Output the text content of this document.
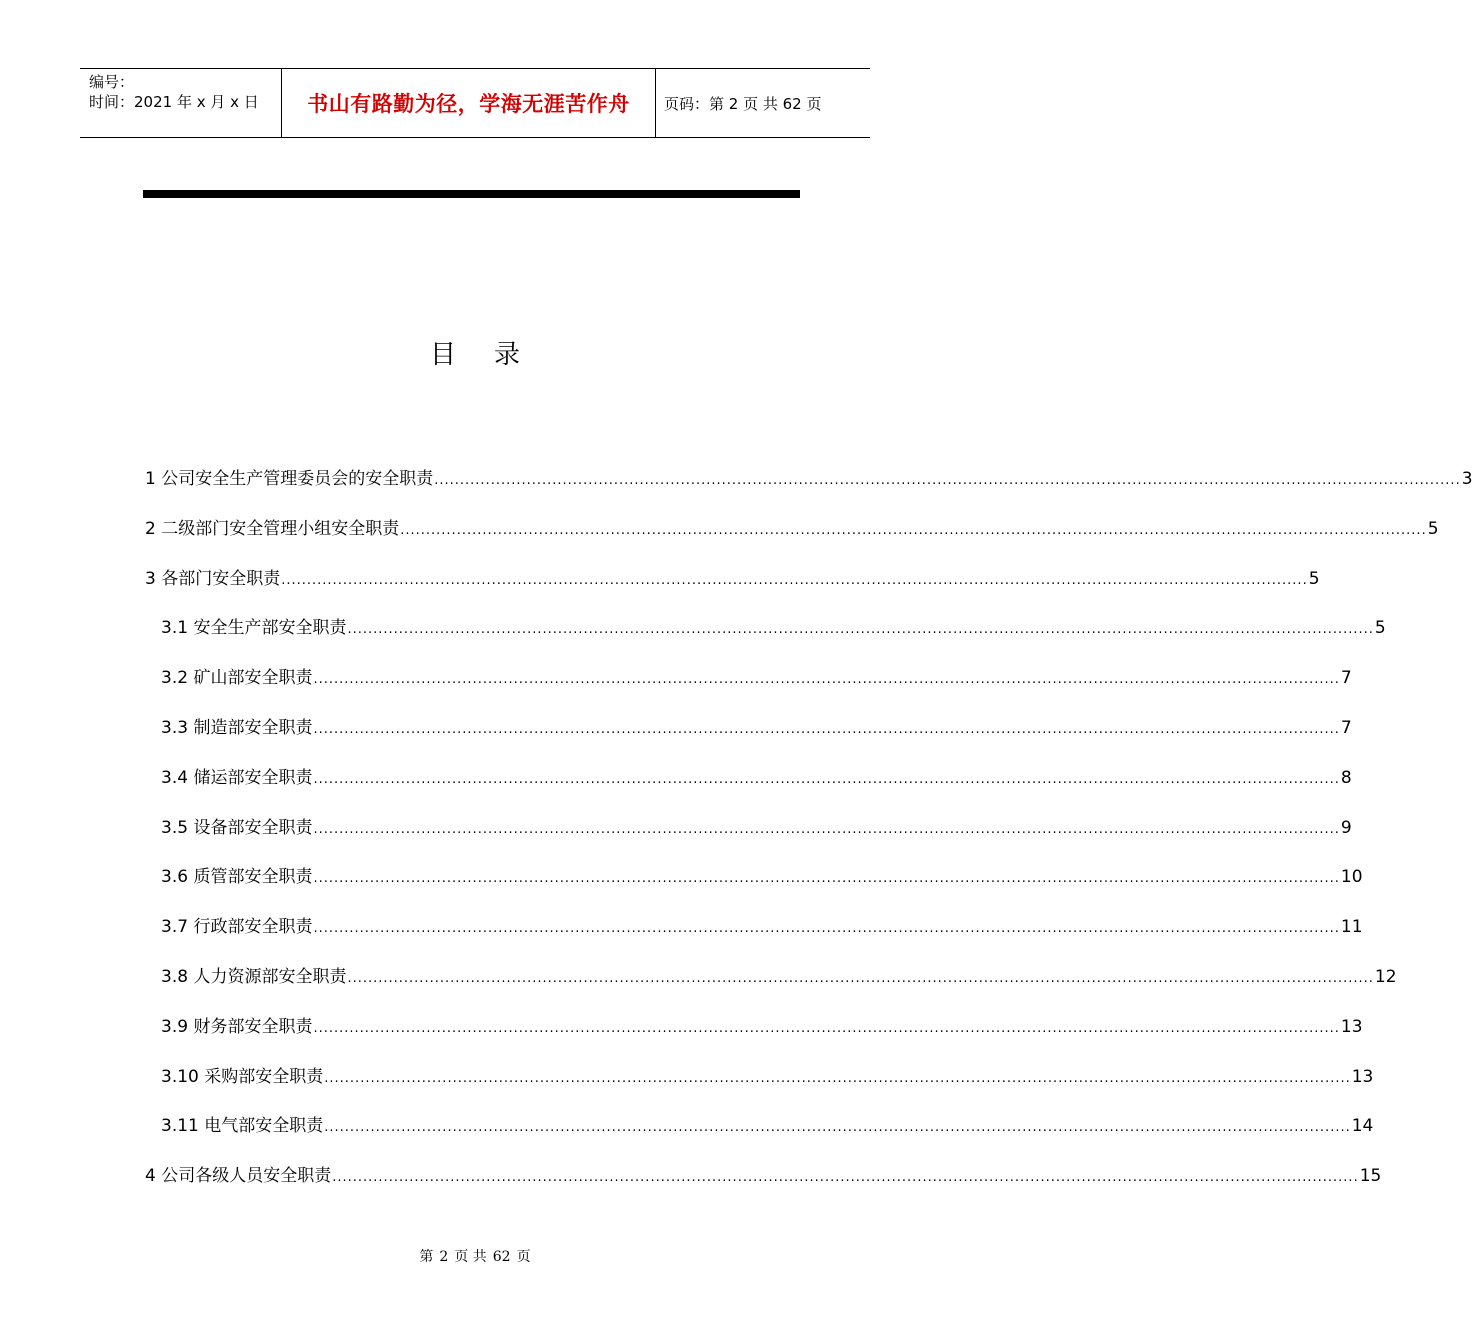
编号：
时间：2021 年 x 月 x 日	书山有路勤为径，学海无涯苦作舟	页码：第 2 页 共 62 页
目录
1 公司安全生产管理委员会的安全职责 ........................................................................................................................................................................................................ 3
2 二级部门安全管理小组安全职责 ........................................................................................................................................................................................................ 5
3 各部门安全职责 ........................................................................................................................................................................................................ 5
3.1 安全生产部安全职责 ........................................................................................................................................................................................................ 5
3.2 矿山部安全职责 ........................................................................................................................................................................................................ 7
3.3 制造部安全职责 ........................................................................................................................................................................................................ 7
3.4 储运部安全职责 ........................................................................................................................................................................................................ 8
3.5 设备部安全职责 ........................................................................................................................................................................................................ 9
3.6 质管部安全职责 ........................................................................................................................................................................................................ 10
3.7 行政部安全职责 ........................................................................................................................................................................................................ 11
3.8 人力资源部安全职责 ........................................................................................................................................................................................................ 12
3.9 财务部安全职责 ........................................................................................................................................................................................................ 13
3.10 采购部安全职责 ........................................................................................................................................................................................................ 13
3.11 电气部安全职责 ........................................................................................................................................................................................................ 14
4 公司各级人员安全职责 ........................................................................................................................................................................................................ 15
第 2 页 共 62 页
